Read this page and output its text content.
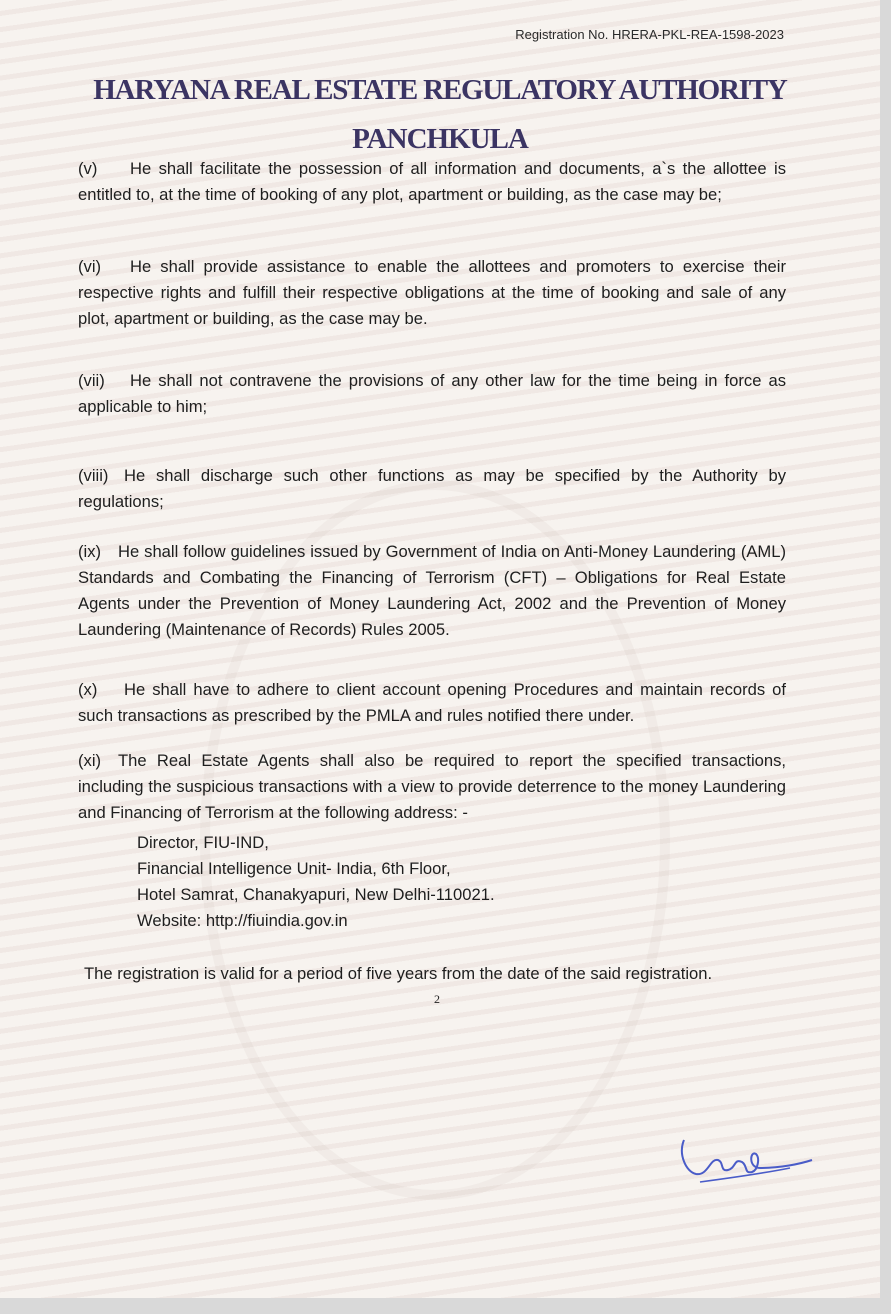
Registration No. HRERA-PKL-REA-1598-2023
HARYANA REAL ESTATE REGULATORY AUTHORITY
PANCHKULA
(v) He shall facilitate the possession of all information and documents, a`s the allottee is entitled to, at the time of booking of any plot, apartment or building, as the case may be;
(vi) He shall provide assistance to enable the allottees and promoters to exercise their respective rights and fulfill their respective obligations at the time of booking and sale of any plot, apartment or building, as the case may be.
(vii) He shall not contravene the provisions of any other law for the time being in force as applicable to him;
(viii) He shall discharge such other functions as may be specified by the Authority by regulations;
(ix) He shall follow guidelines issued by Government of India on Anti-Money Laundering (AML) Standards and Combating the Financing of Terrorism (CFT) – Obligations for Real Estate Agents under the Prevention of Money Laundering Act, 2002 and the Prevention of Money Laundering (Maintenance of Records) Rules 2005.
(x) He shall have to adhere to client account opening Procedures and maintain records of such transactions as prescribed by the PMLA and rules notified there under.
(xi) The Real Estate Agents shall also be required to report the specified transactions, including the suspicious transactions with a view to provide deterrence to the money Laundering and Financing of Terrorism at the following address: -
Director, FIU-IND,
Financial Intelligence Unit- India, 6th Floor,
Hotel Samrat, Chanakyapuri, New Delhi-110021.
Website: http://fiuindia.gov.in
The registration is valid for a period of five years from the date of the said registration.
2
